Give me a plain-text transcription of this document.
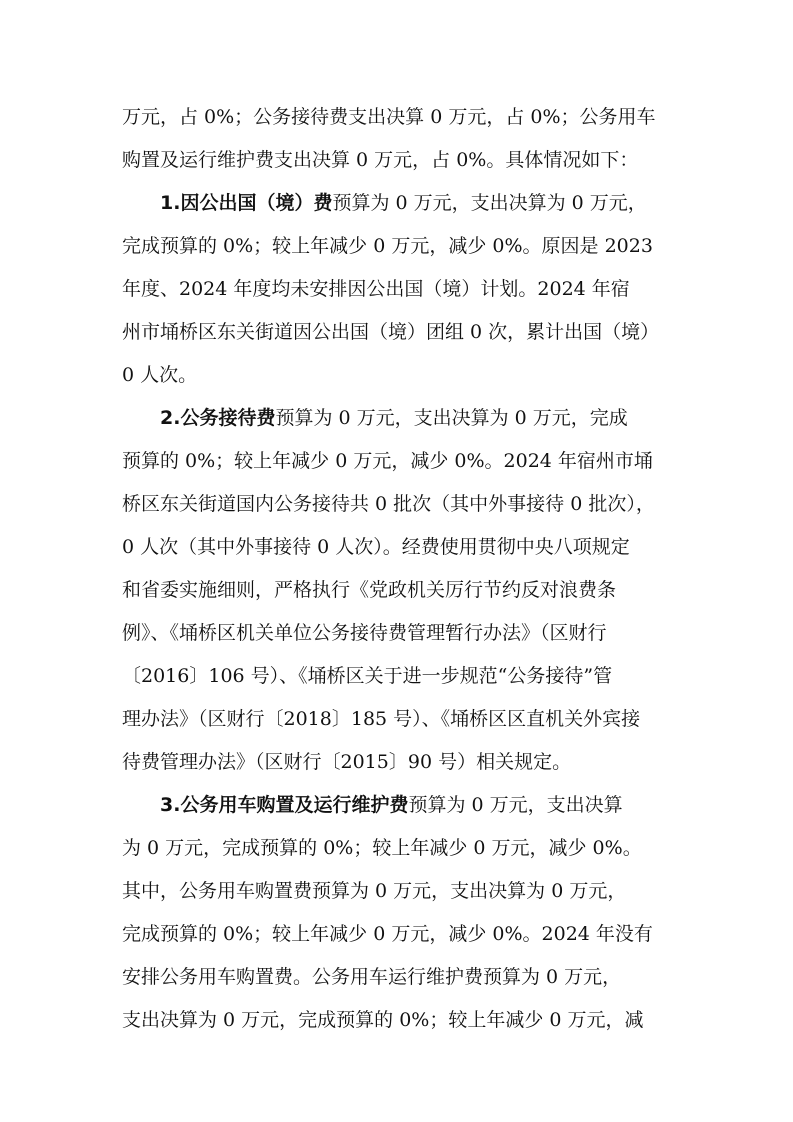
万元，占 0%；公务接待费支出决算 0 万元，占 0%；公务用车
购置及运行维护费支出决算 0 万元，占 0%。具体情况如下：
1.因公出国（境）费预算为 0 万元，支出决算为 0 万元，
完成预算的 0%；较上年减少 0 万元，减少 0%。原因是 2023
年度、2024 年度均未安排因公出国（境）计划。2024 年宿
州市埇桥区东关街道因公出国（境）团组 0 次，累计出国（境）
0 人次。
2.公务接待费预算为 0 万元，支出决算为 0 万元，完成
预算的 0%；较上年减少 0 万元，减少 0%。2024 年宿州市埇
桥区东关街道国内公务接待共 0 批次（其中外事接待 0 批次），
0 人次（其中外事接待 0 人次）。经费使用贯彻中央八项规定
和省委实施细则，严格执行《党政机关厉行节约反对浪费条
例》、《埇桥区机关单位公务接待费管理暂行办法》（区财行
〔2016〕106 号）、《埇桥区关于进一步规范“公务接待”管
理办法》（区财行〔2018〕185 号）、《埇桥区区直机关外宾接
待费管理办法》（区财行〔2015〕90 号）相关规定。
3.公务用车购置及运行维护费预算为 0 万元，支出决算
为 0 万元，完成预算的 0%；较上年减少 0 万元，减少 0%。
其中，公务用车购置费预算为 0 万元，支出决算为 0 万元，
完成预算的 0%；较上年减少 0 万元，减少 0%。2024 年没有
安排公务用车购置费。公务用车运行维护费预算为 0 万元，
支出决算为 0 万元，完成预算的 0%；较上年减少 0 万元，减
